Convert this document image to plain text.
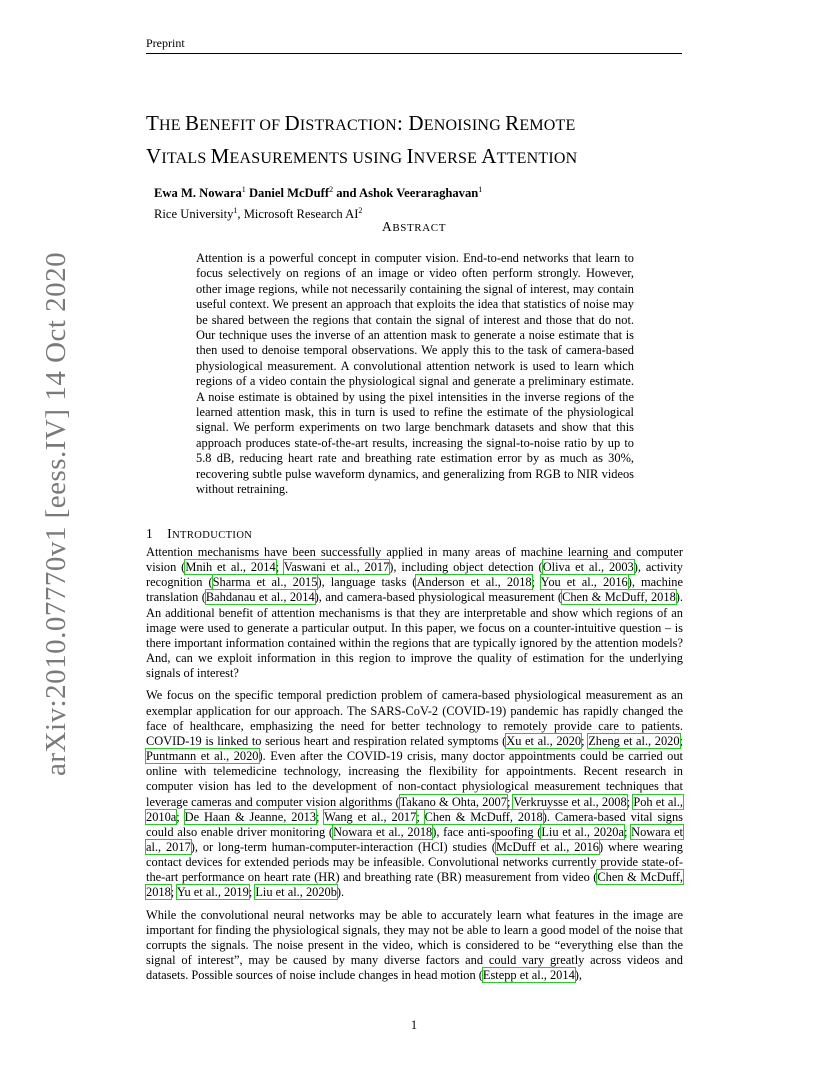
Preprint
arXiv:2010.07770v1 [eess.IV] 14 Oct 2020
THE BENEFIT OF DISTRACTION: DENOISING REMOTE
VITALS MEASUREMENTS USING INVERSE ATTENTION
Ewa M. Nowara$^1$ Daniel McDuff$^2$ and Ashok Veeraraghavan$^1$
Rice University$^1$, Microsoft Research $AI^2$
ABSTRACT
Attention is a powerful concept in computer vision. End-to-end networks that learn to focus selectively on regions of an image or video often perform strongly. However, other image regions, while not necessarily containing the signal of interest, may contain useful context. We present an approach that exploits the idea that statistics of noise may be shared between the regions that contain the signal of interest and those that do not. Our technique uses the inverse of an attention mask to generate a noise estimate that is then used to denoise temporal observations. We apply this to the task of camera-based physiological measurement. A convolutional attention network is used to learn which regions of a video contain the physiological signal and generate a preliminary estimate. A noise estimate is obtained by using the pixel intensities in the inverse regions of the learned attention mask, this in turn is used to refine the estimate of the physiological signal. We perform experiments on two large benchmark datasets and show that this approach produces state-of-the-art results, increasing the signal-to-noise ratio by up to 5.8 dB, reducing heart rate and breathing rate estimation error by as much as 30%, recovering subtle pulse waveform dynamics, and generalizing from RGB to NIR videos without retraining.
1 INTRODUCTION

Attention mechanisms have been successfully applied in many areas of machine learning and computer vision (Mnih et al., 2014; Vaswani et al., 2017), including object detection (Oliva et al., 2003), activity recognition (Sharma et al., 2015), language tasks (Anderson et al., 2018; You et al., 2016), machine translation (Bahdanau et al., 2014), and camera-based physiological measurement (Chen & McDuff, 2018). An additional benefit of attention mechanisms is that they are interpretable and show which regions of an image were used to generate a particular output. In this paper, we focus on a counter-intuitive question – is there important information contained within the regions that are typically ignored by the attention models? And, can we exploit information in this region to improve the quality of estimation for the underlying signals of interest?

We focus on the specific temporal prediction problem of camera-based physiological measurement as an exemplar application for our approach. The SARS-CoV-2 (COVID-19) pandemic has rapidly changed the face of healthcare, emphasizing the need for better technology to remotely provide care to patients. COVID-19 is linked to serious heart and respiration related symptoms (Xu et al., 2020; Zheng et al., 2020; Puntmann et al., 2020). Even after the COVID-19 crisis, many doctor appointments could be carried out online with telemedicine technology, increasing the flexibility for appointments. Recent research in computer vision has led to the development of non-contact physiological measurement techniques that leverage cameras and computer vision algorithms (Takano & Ohta, 2007; Verkruysse et al., 2008; Poh et al., 2010a; De Haan & Jeanne, 2013; Wang et al., 2017; Chen & McDuff, 2018). Camera-based vital signs could also enable driver monitoring (Nowara et al., 2018), face anti-spoofing (Liu et al., 2020a; Nowara et al., 2017), or long-term human-computer-interaction (HCI) studies (McDuff et al., 2016) where wearing contact devices for extended periods may be infeasible. Convolutional networks currently provide state-of-the-art performance on heart rate (HR) and breathing rate (BR) measurement from video (Chen & McDuff, 2018; Yu et al., 2019; Liu et al., 2020b).

While the convolutional neural networks may be able to accurately learn what features in the image are important for finding the physiological signals, they may not be able to learn a good model of the noise that corrupts the signals. The noise present in the video, which is considered to be “everything else than the signal of interest”, may be caused by many diverse factors and could vary greatly across videos and datasets. Possible sources of noise include changes in head motion (Estepp et al., 2014),

1
